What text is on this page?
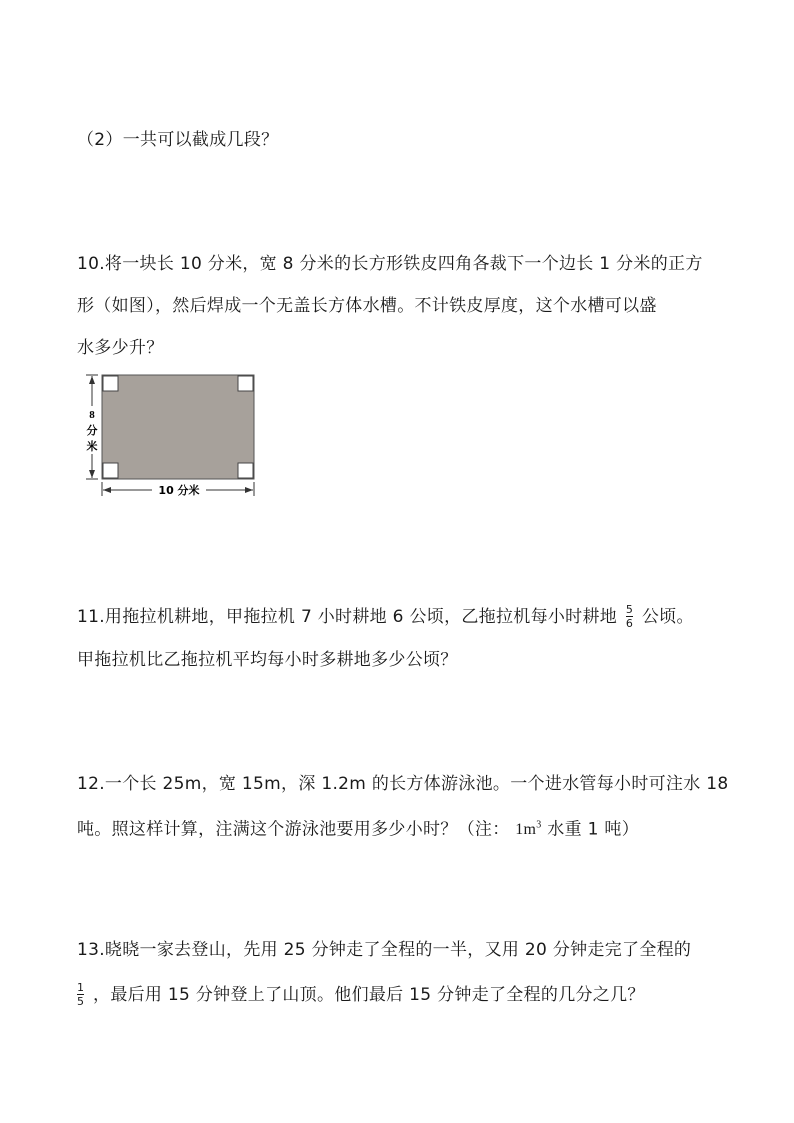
（2）一共可以截成几段？
10.将一块长 10 分米，宽 8 分米的长方形铁皮四角各裁下一个边长 1 分米的正方
形（如图），然后焊成一个无盖长方体水槽。不计铁皮厚度，这个水槽可以盛
水多少升？
8
分
米
10 分米
11.用拖拉机耕地，甲拖拉机 7 小时耕地 6 公顷，乙拖拉机每小时耕地 $\frac{5}{6}$ 公顷。
甲拖拉机比乙拖拉机平均每小时多耕地多少公顷？
12.一个长 25m，宽 15m，深 1.2m 的长方体游泳池。一个进水管每小时可注水 18
吨。照这样计算，注满这个游泳池要用多少小时？（注： $1m^3$ 水重 1 吨）
13.晓晓一家去登山，先用 25 分钟走了全程的一半，又用 20 分钟走完了全程的
$\frac{1}{5}$ ，最后用 15 分钟登上了山顶。他们最后 15 分钟走了全程的几分之几？
